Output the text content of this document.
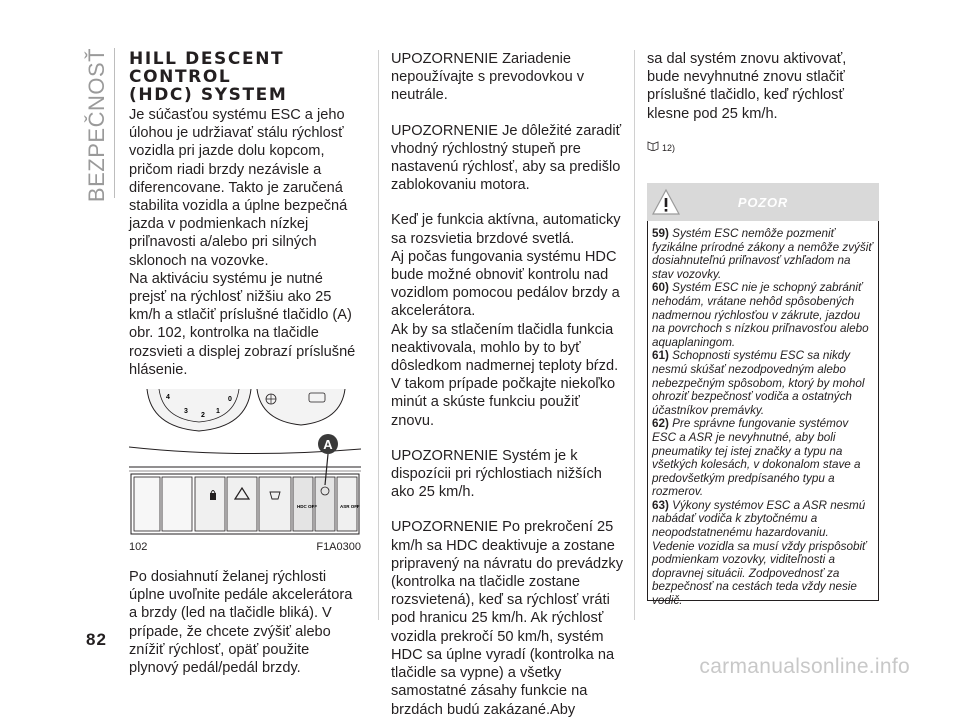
BEZPEČNOSŤ HILL DESCENT CONTROL
(HDC) SYSTEM

Je súčasťou systému ESC a jeho úlohou je udržiavať stálu rýchlosť vozidla pri jazde dolu kopcom, pričom riadi brzdy nezávisle a diferencovane. Takto je zaručená stabilita vozidla a úplne bezpečná jazda v podmienkach nízkej priľnavosti a/alebo pri silných sklonoch na vozovke.

Na aktiváciu systému je nutné prejsť na rýchlosť nižšiu ako 25 km/h a stlačiť príslušné tlačidlo (A) obr. 102, kontrolka na tlačidle rozsvieti a displej zobrazí príslušné hlásenie.

4
3
2
1
0
HDC OFF	ASR OFF
A
102	F1A0300

Po dosiahnutí želanej rýchlosti úplne uvoľnite pedále akcelerátora a brzdy (led na tlačidle bliká). V prípade, že chcete zvýšiť alebo znížiť rýchlosť, opäť použite plynový pedál/pedál brzdy.

UPOZORNENIE Zariadenie nepoužívajte s prevodovkou v neutrále.

UPOZORNENIE Je dôležité zaradiť vhodný rýchlostný stupeň pre nastavenú rýchlosť, aby sa predišlo zablokovaniu motora.

Keď je funkcia aktívna, automaticky sa rozsvietia brzdové svetlá.

Aj počas fungovania systému HDC bude možné obnoviť kontrolu nad vozidlom pomocou pedálov brzdy a akcelerátora.

Ak by sa stlačením tlačidla funkcia neaktivovala, mohlo by to byť dôsledkom nadmernej teploty bŕzd. V takom prípade počkajte niekoľko minút a skúste funkciu použiť znovu.

UPOZORNENIE Systém je k dispozícii pri rýchlostiach nižších ako 25 km/h.

UPOZORNENIE Po prekročení 25 km/h sa HDC deaktivuje a zostane pripravený na návratu do prevádzky (kontrolka na tlačidle zostane rozsvietená), keď sa rýchlosť vráti pod hranicu 25 km/h. Ak rýchlosť vozidla prekročí 50 km/h, systém HDC sa úplne vyradí (kontrolka na tlačidle sa vypne) a všetky samostatné zásahy funkcie na brzdách budú zakázané.Aby

sa dal systém znovu aktivovať, bude nevyhnutné znovu stlačiť príslušné tlačidlo, keď rýchlosť klesne pod 25 km/h.

12)
POZOR

59) Systém ESC nemôže pozmeniť fyzikálne prírodné zákony a nemôže zvýšiť dosiahnuteľnú priľnavosť vzhľadom na stav vozovky.

60) Systém ESC nie je schopný zabrániť nehodám, vrátane nehôd spôsobených nadmernou rýchlosťou v zákrute, jazdou na povrchoch s nízkou priľnavosťou alebo aquaplaningom.

61) Schopnosti systému ESC sa nikdy nesmú skúšať nezodpovedným alebo nebezpečným spôsobom, ktorý by mohol ohroziť bezpečnosť vodiča a ostatných účastníkov premávky.

62) Pre správne fungovanie systémov ESC a ASR je nevyhnutné, aby boli pneumatiky tej istej značky a typu na všetkých kolesách, v dokonalom stave a predovšetkým predpísaného typu a rozmerov.

63) Výkony systémov ESC a ASR nesmú nabádať vodiča k zbytočnému a neopodstatnenému hazardovaniu. Vedenie vozidla sa musí vždy prispôsobiť podmienkam vozovky, viditeľnosti a dopravnej situácii. Zodpovednosť za bezpečnosť na cestách teda vždy nesie vodič.

82
carmanualsonline.info
